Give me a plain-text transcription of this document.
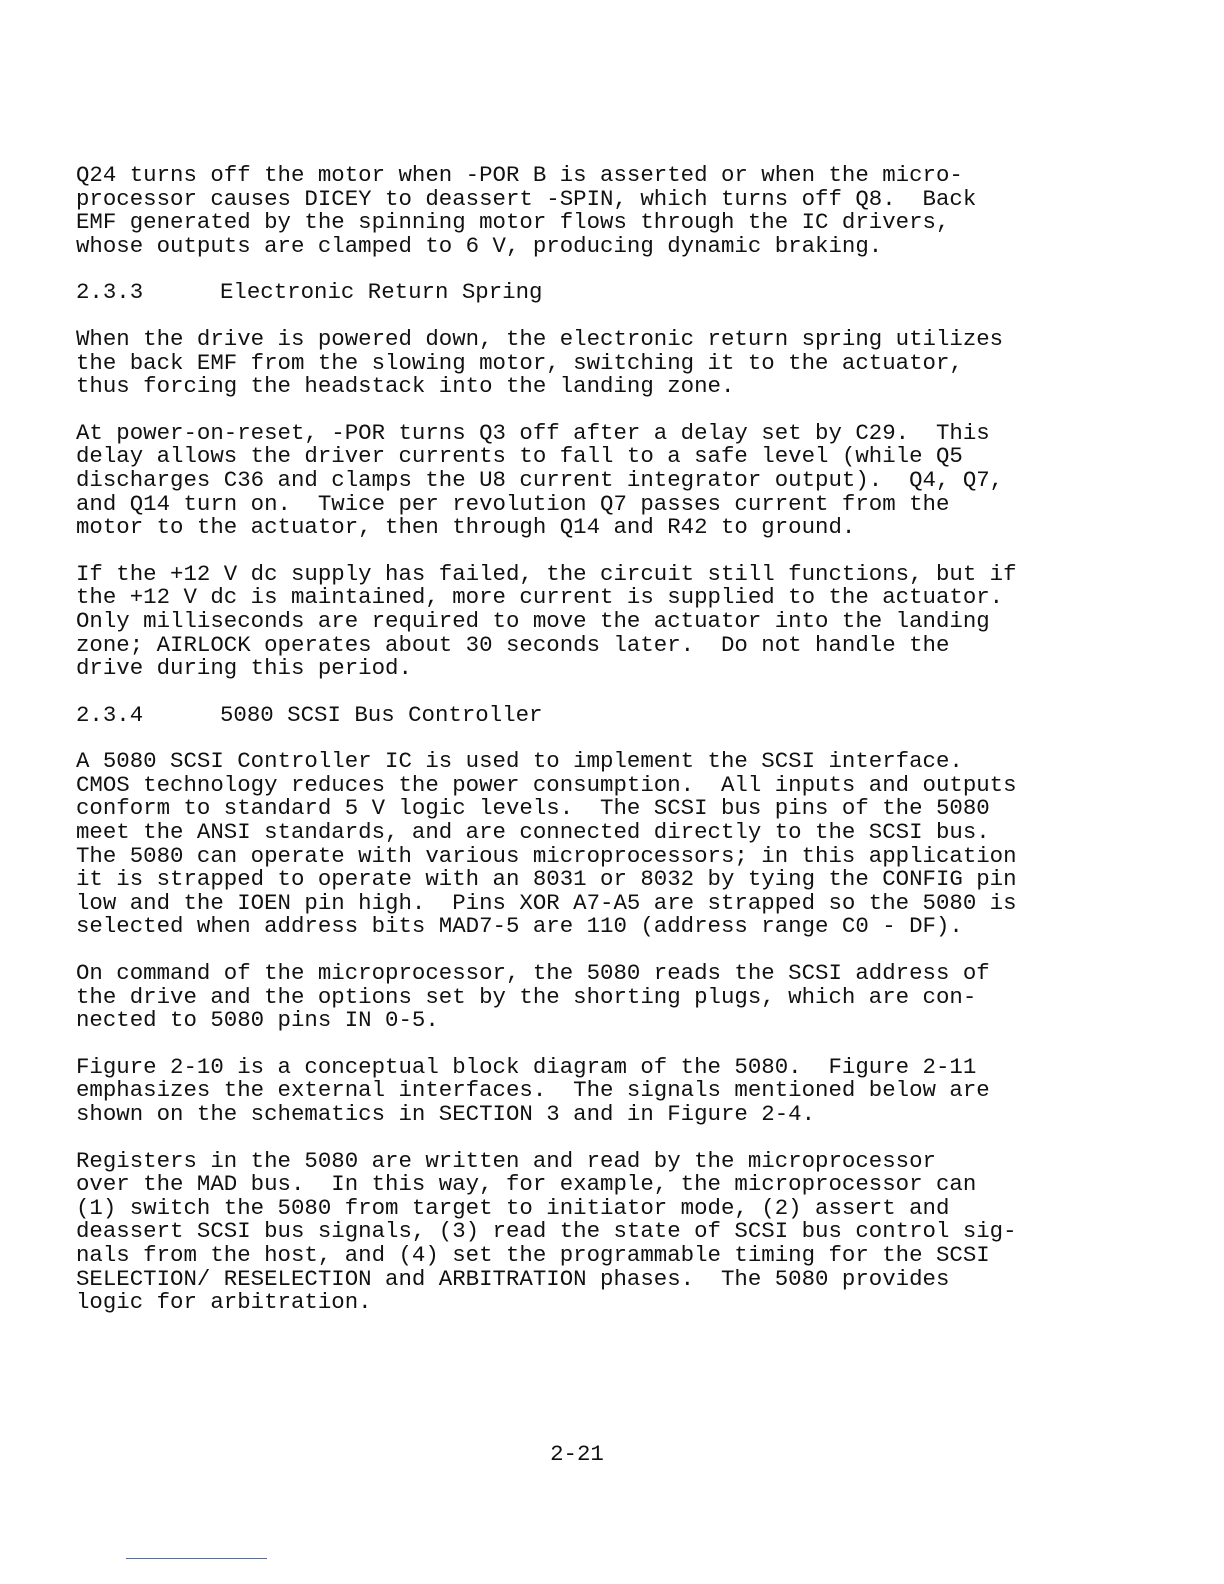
Q24 turns off the motor when -POR B is asserted or when the micro-
processor causes DICEY to deassert -SPIN, which turns off Q8.  Back
EMF generated by the spinning motor flows through the IC drivers,
whose outputs are clamped to 6 V, producing dynamic braking.

2.3.3	Electronic Return Spring

When the drive is powered down, the electronic return spring utilizes
the back EMF from the slowing motor, switching it to the actuator,
thus forcing the headstack into the landing zone.

At power-on-reset, -POR turns Q3 off after a delay set by C29.  This
delay allows the driver currents to fall to a safe level (while Q5
discharges C36 and clamps the U8 current integrator output).  Q4, Q7,
and Q14 turn on.  Twice per revolution Q7 passes current from the
motor to the actuator, then through Q14 and R42 to ground.

If the +12 V dc supply has failed, the circuit still functions, but if
the +12 V dc is maintained, more current is supplied to the actuator.
Only milliseconds are required to move the actuator into the landing
zone; AIRLOCK operates about 30 seconds later.  Do not handle the
drive during this period.

2.3.4	5080 SCSI Bus Controller

A 5080 SCSI Controller IC is used to implement the SCSI interface.
CMOS technology reduces the power consumption.  All inputs and outputs
conform to standard 5 V logic levels.  The SCSI bus pins of the 5080
meet the ANSI standards, and are connected directly to the SCSI bus.
The 5080 can operate with various microprocessors; in this application
it is strapped to operate with an 8031 or 8032 by tying the CONFIG pin
low and the IOEN pin high.  Pins XOR A7-A5 are strapped so the 5080 is
selected when address bits MAD7-5 are 110 (address range C0 - DF).

On command of the microprocessor, the 5080 reads the SCSI address of
the drive and the options set by the shorting plugs, which are con-
nected to 5080 pins IN 0-5.

Figure 2-10 is a conceptual block diagram of the 5080.  Figure 2-11
emphasizes the external interfaces.  The signals mentioned below are
shown on the schematics in SECTION 3 and in Figure 2-4.

Registers in the 5080 are written and read by the microprocessor
over the MAD bus.  In this way, for example, the microprocessor can
(1) switch the 5080 from target to initiator mode, (2) assert and
deassert SCSI bus signals, (3) read the state of SCSI bus control sig-
nals from the host, and (4) set the programmable timing for the SCSI
SELECTION/ RESELECTION and ARBITRATION phases.  The 5080 provides
logic for arbitration.

2-21
